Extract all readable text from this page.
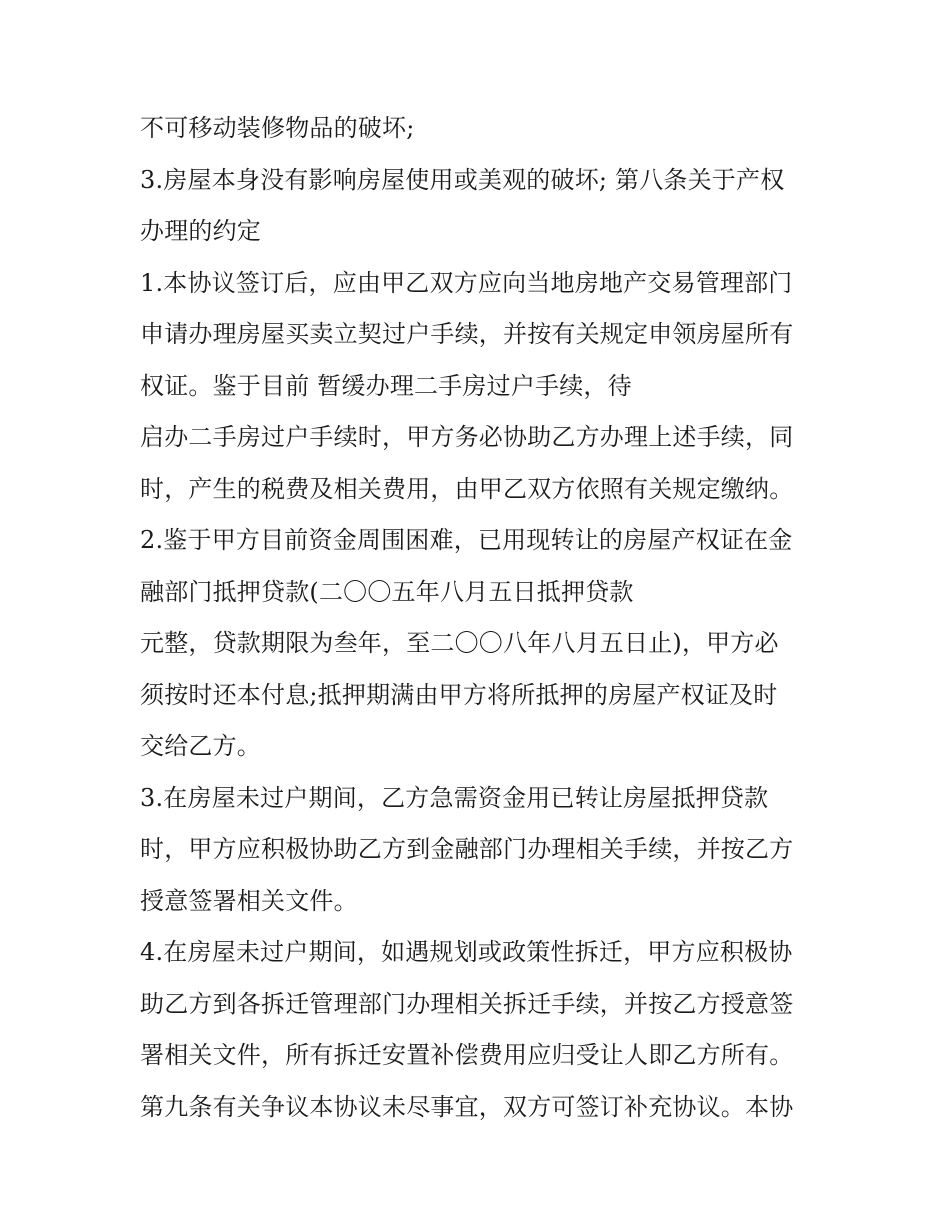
不可移动装修物品的破坏;
3.房屋本身没有影响房屋使用或美观的破坏; 第八条关于产权
办理的约定
1.本协议签订后，应由甲乙双方应向当地房地产交易管理部门
申请办理房屋买卖立契过户手续，并按有关规定申领房屋所有
权证。鉴于目前 暂缓办理二手房过户手续，待
启办二手房过户手续时，甲方务必协助乙方办理上述手续，同
时，产生的税费及相关费用，由甲乙双方依照有关规定缴纳。
2.鉴于甲方目前资金周围困难，已用现转让的房屋产权证在金
融部门抵押贷款(二〇〇五年八月五日抵押贷款
元整，贷款期限为叁年，至二〇〇八年八月五日止)，甲方必
须按时还本付息;抵押期满由甲方将所抵押的房屋产权证及时
交给乙方。
3.在房屋未过户期间，乙方急需资金用已转让房屋抵押贷款
时，甲方应积极协助乙方到金融部门办理相关手续，并按乙方
授意签署相关文件。
4.在房屋未过户期间，如遇规划或政策性拆迁，甲方应积极协
助乙方到各拆迁管理部门办理相关拆迁手续，并按乙方授意签
署相关文件，所有拆迁安置补偿费用应归受让人即乙方所有。
第九条有关争议本协议未尽事宜，双方可签订补充协议。本协
